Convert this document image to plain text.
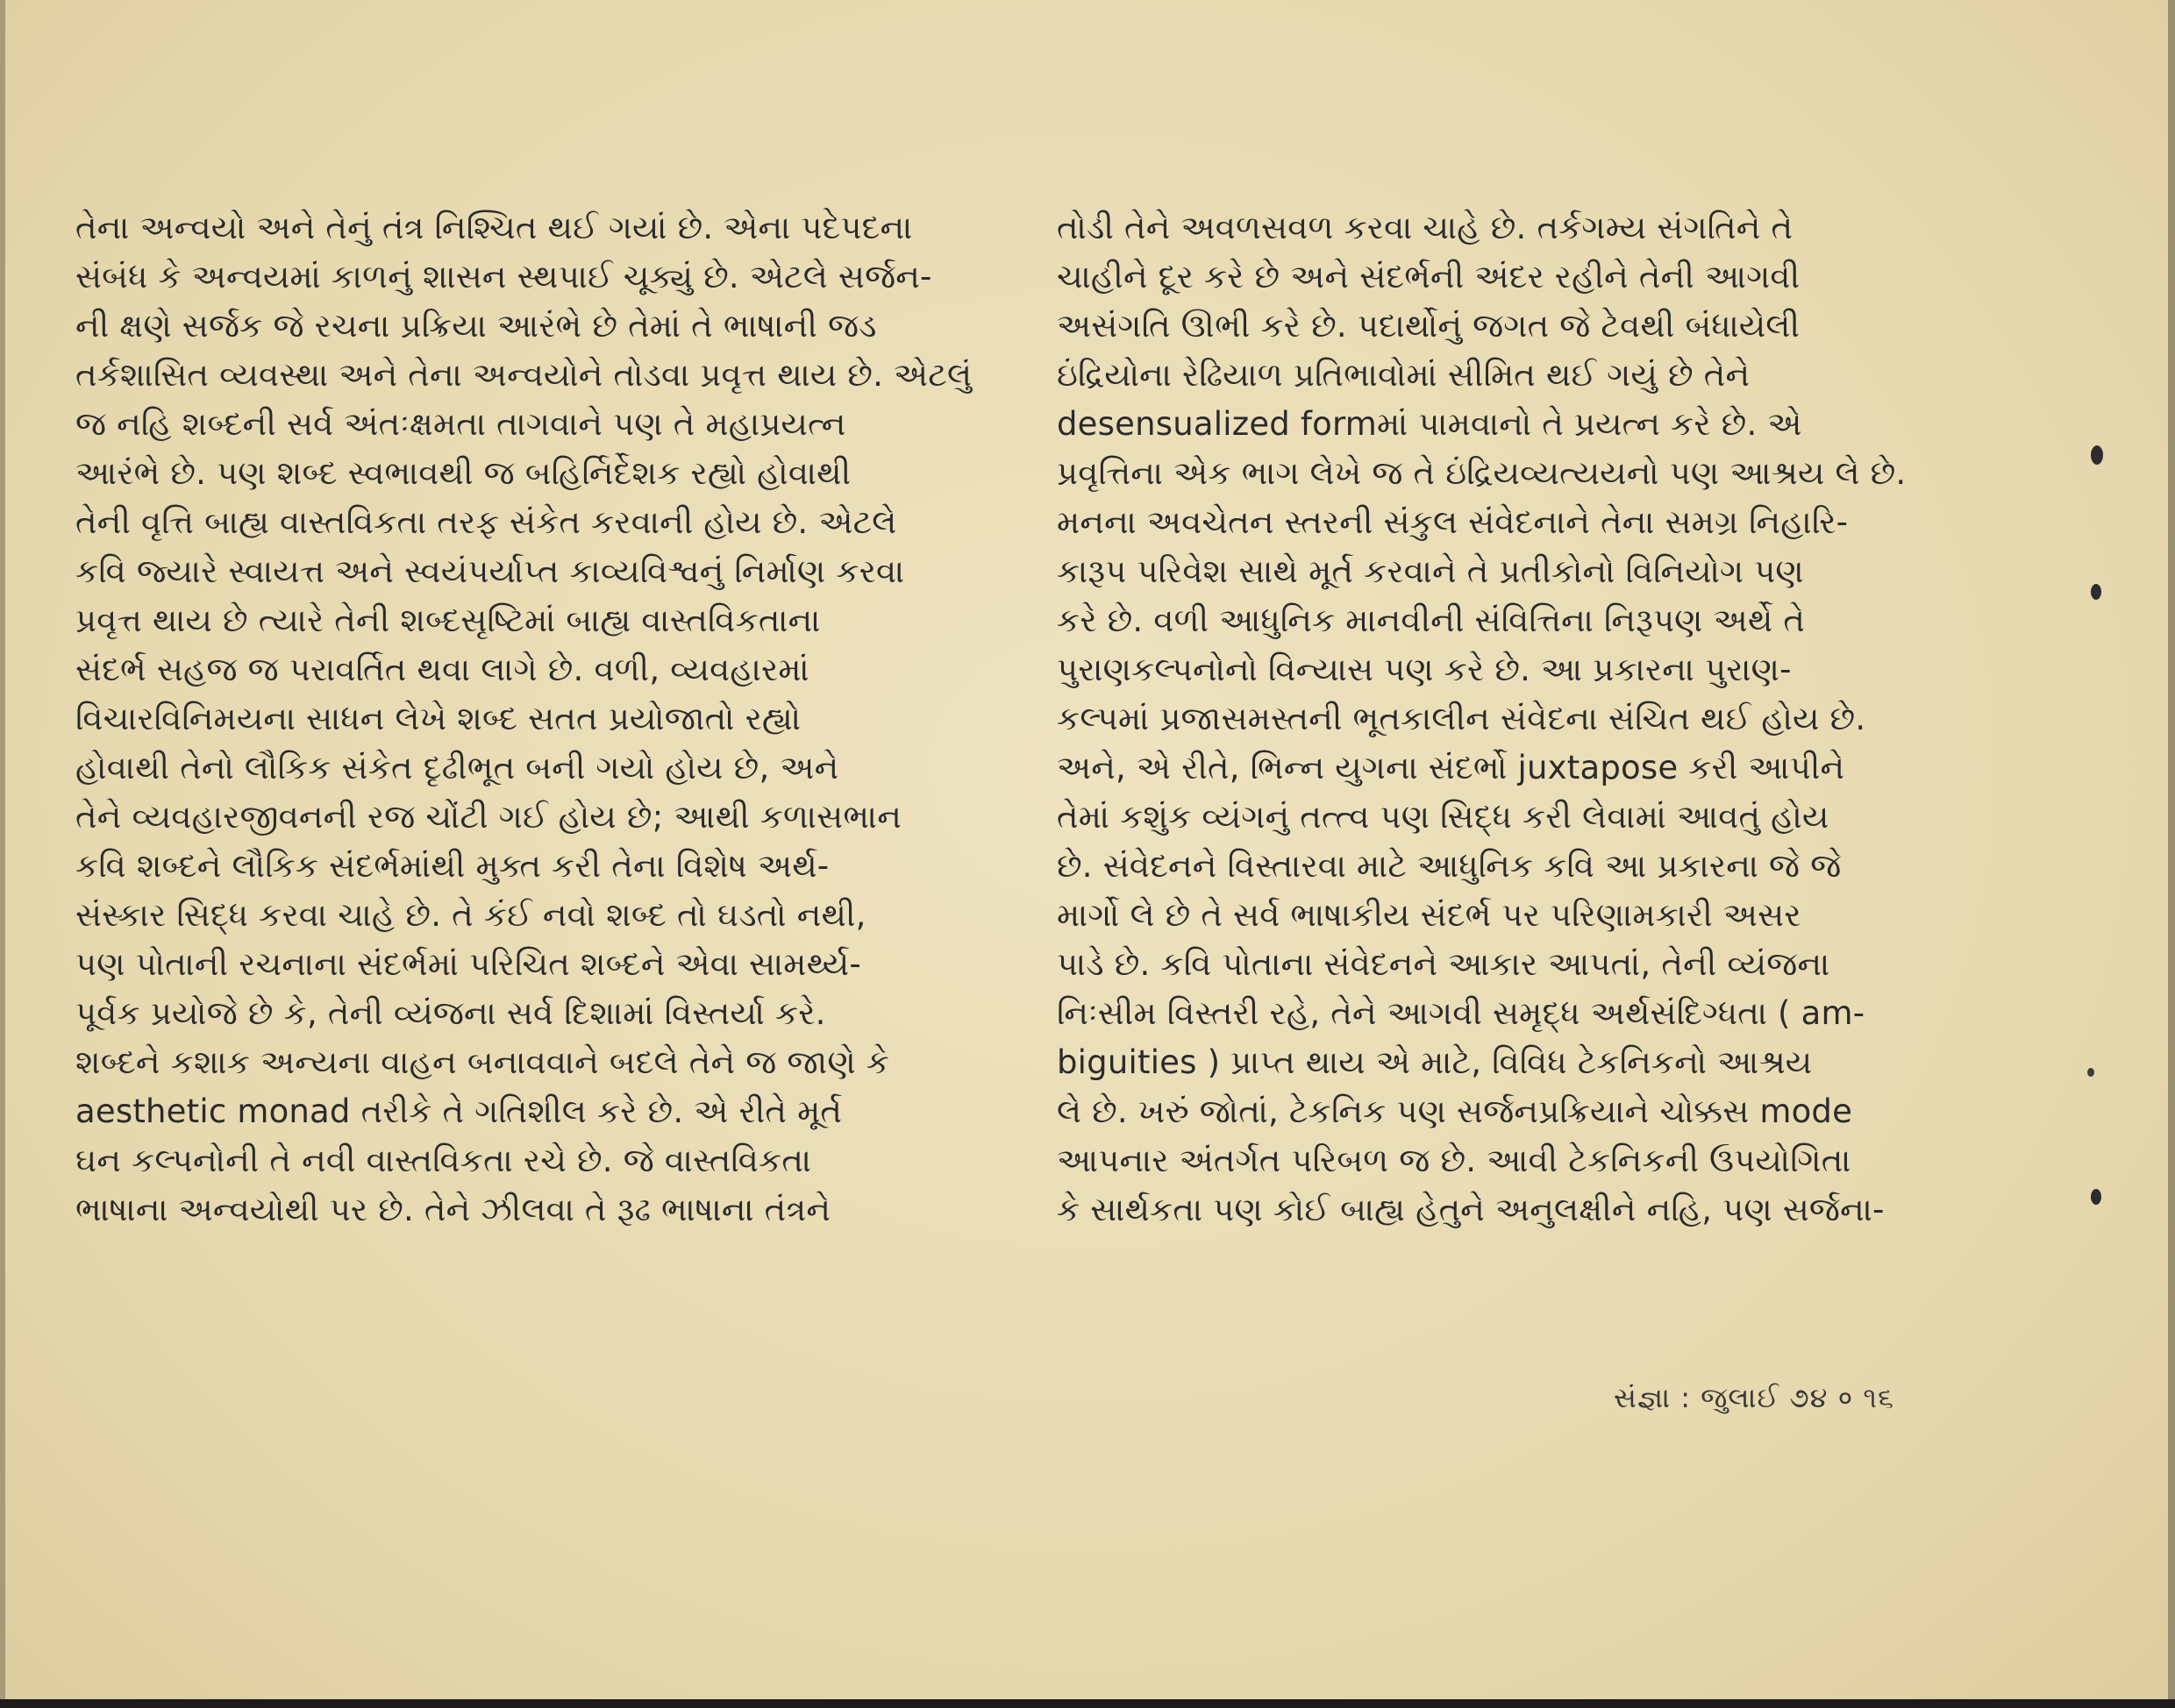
તેના અન્વયો અને તેનું તંત્ર નિશ્ચિત થઈ ગયાં છે. એના પદેપદના
સંબંધ કે અન્વયમાં કાળનું શાસન સ્થપાઈ ચૂક્યું છે. એટલે સર્જન-
ની ક્ષણે સર્જક જે રચના પ્રક્રિયા આરંભે છે તેમાં તે ભાષાની જડ
તર્કશાસિત વ્યવસ્થા અને તેના અન્વયોને તોડવા પ્રવૃત્ત થાય છે. એટલું
જ નહિ શબ્દની સર્વ અંતઃક્ષમતા તાગવાને પણ તે મહાપ્રયત્ન
આરંભે છે. પણ શબ્દ સ્વભાવથી જ બહિર્નિર્દેશક રહ્યો હોવાથી
તેની વૃત્તિ બાહ્ય વાસ્તવિકતા તરફ સંકેત કરવાની હોય છે. એટલે
કવિ જ્યારે સ્વાયત્ત અને સ્વયંપર્યાપ્ત કાવ્યવિશ્વનું નિર્માણ કરવા
પ્રવૃત્ત થાય છે ત્યારે તેની શબ્દસૃષ્ટિમાં બાહ્ય વાસ્તવિકતાના
સંદર્ભ સહજ જ પરાવર્તિત થવા લાગે છે. વળી, વ્યવહારમાં
વિચારવિનિમયના સાધન લેખે શબ્દ સતત પ્રયોજાતો રહ્યો
હોવાથી તેનો લૌકિક સંકેત દૃઢીભૂત બની ગયો હોય છે, અને
તેને વ્યવહારજીવનની રજ ચોંટી ગઈ હોય છે; આથી કળાસભાન
કવિ શબ્દને લૌકિક સંદર્ભમાંથી મુક્ત કરી તેના વિશેષ અર્થ-
સંસ્કાર સિદ્ધ કરવા ચાહે છે. તે કંઈ નવો શબ્દ તો ઘડતો નથી,
પણ પોતાની રચનાના સંદર્ભમાં પરિચિત શબ્દને એવા સામર્થ્ય-
પૂર્વક પ્રયોજે છે કે, તેની વ્યંજના સર્વ દિશામાં વિસ્તર્યા કરે.
શબ્દને કશાક અન્યના વાહન બનાવવાને બદલે તેને જ જાણે કે
aesthetic monad તરીકે તે ગતિશીલ કરે છે. એ રીતે મૂર્ત
ઘન કલ્પનોની તે નવી વાસ્તવિકતા રચે છે. જે વાસ્તવિકતા
ભાષાના અન્વયોથી પર છે. તેને ઝીલવા તે રૂઢ ભાષાના તંત્રને
તોડી તેને અવળસવળ કરવા ચાહે છે. તર્કગમ્ય સંગતિને તે
ચાહીને દૂર કરે છે અને સંદર્ભની અંદર રહીને તેની આગવી
અસંગતિ ઊભી કરે છે. પદાર્થોનું જગત જે ટેવથી બંધાયેલી
ઇંદ્રિયોના રેઢિયાળ પ્રતિભાવોમાં સીમિત થઈ ગયું છે તેને
desensualized formમાં પામવાનો તે પ્રયત્ન કરે છે. એ
પ્રવૃત્તિના એક ભાગ લેખે જ તે ઇંદ્રિયવ્યત્યયનો પણ આશ્રય લે છે.
મનના અવચેતન સ્તરની સંકુલ સંવેદનાને તેના સમગ્ર નિહારિ-
કારૂપ પરિવેશ સાથે મૂર્ત કરવાને તે પ્રતીકોનો વિનિયોગ પણ
કરે છે. વળી આધુનિક માનવીની સંવિત્તિના નિરૂપણ અર્થે તે
પુરાણકલ્પનોનો વિન્યાસ પણ કરે છે. આ પ્રકારના પુરાણ-
કલ્પમાં પ્રજાસમસ્તની ભૂતકાલીન સંવેદના સંચિત થઈ હોય છે.
અને, એ રીતે, ભિન્ન યુગના સંદર્ભો juxtapose કરી આપીને
તેમાં કશુંક વ્યંગનું તત્ત્વ પણ સિદ્ધ કરી લેવામાં આવતું હોય
છે. સંવેદનને વિસ્તારવા માટે આધુનિક કવિ આ પ્રકારના જે જે
માર્ગો લે છે તે સર્વ ભાષાકીય સંદર્ભ પર પરિણામકારી અસર
પાડે છે. કવિ પોતાના સંવેદનને આકાર આપતાં, તેની વ્યંજના
નિઃસીમ વિસ્તરી રહે, તેને આગવી સમૃદ્ધ અર્થસંદિગ્ધતા ( am-
biguities ) પ્રાપ્ત થાય એ માટે, વિવિધ ટેકનિકનો આશ્રય
લે છે. ખરું જોતાં, ટેકનિક પણ સર્જનપ્રક્રિયાને ચોક્કસ mode
આપનાર અંતર્ગત પરિબળ જ છે. આવી ટેકનિકની ઉપયોગિતા
કે સાર્થકતા પણ કોઈ બાહ્ય હેતુને અનુલક્ષીને નહિ, પણ સર્જના-
સંજ્ઞા : જુલાઈ ૭૪ ० ૧૬
